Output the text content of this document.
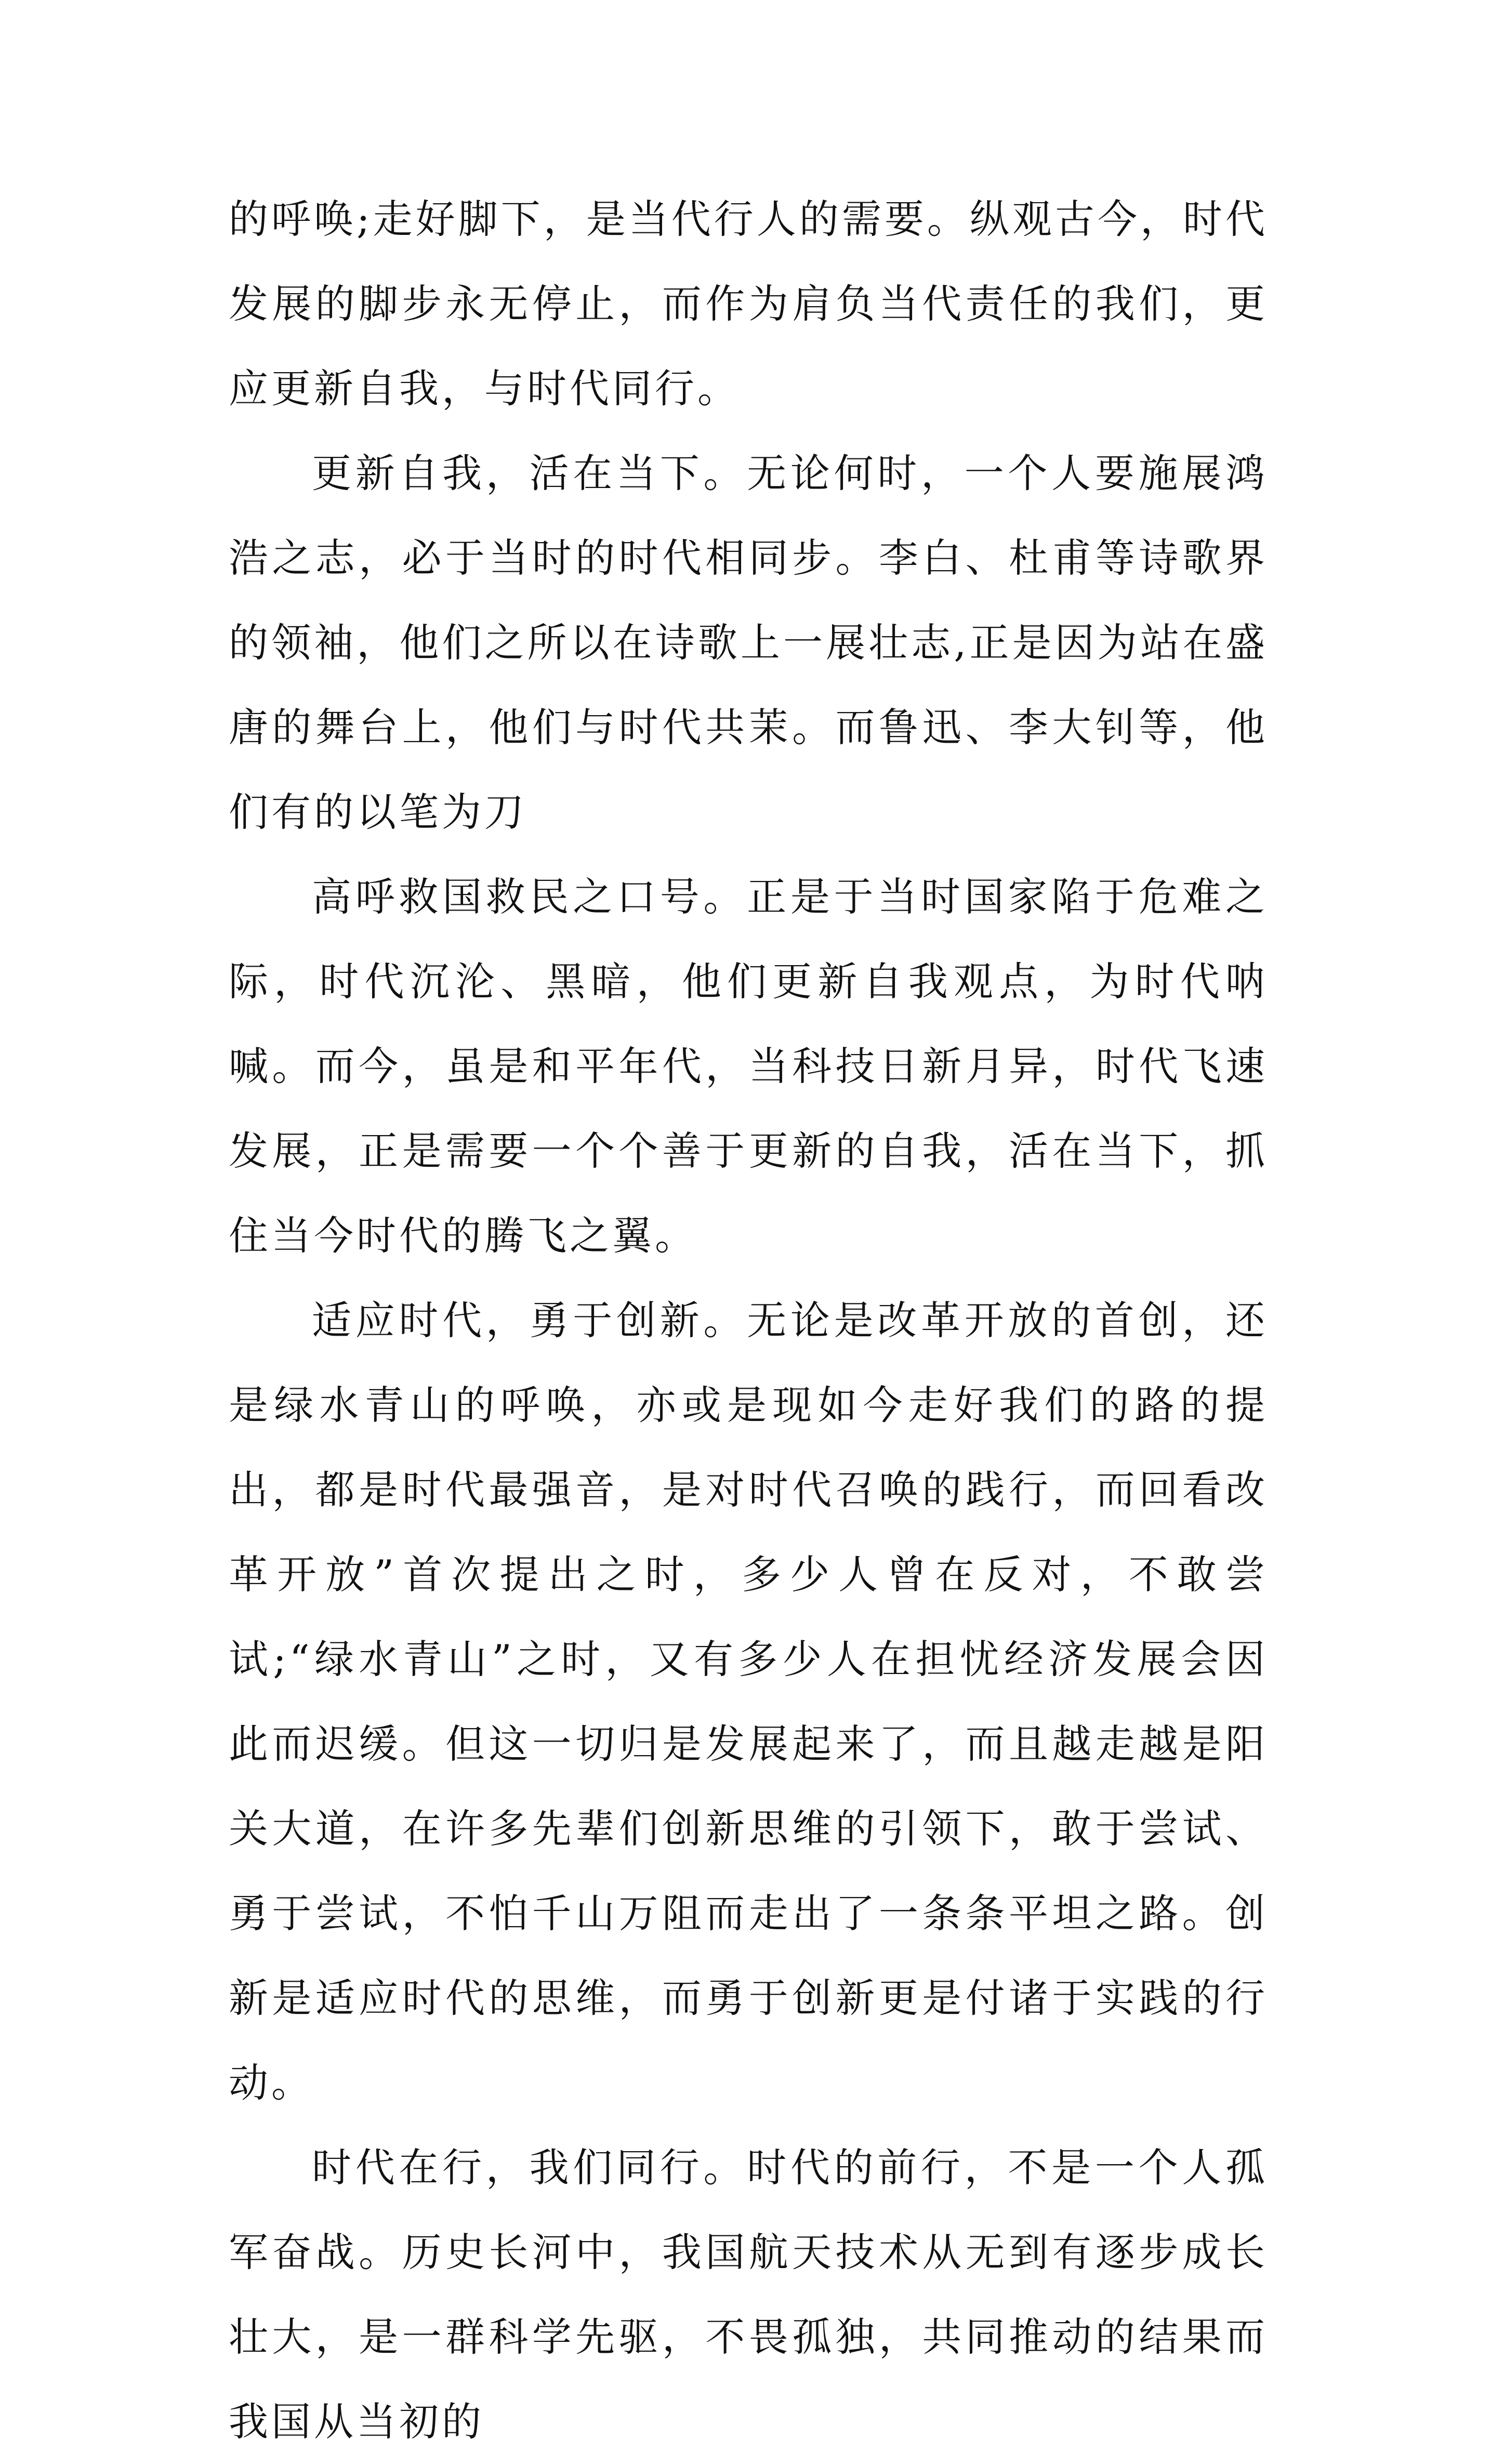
的呼唤;走好脚下，是当代行人的需要。纵观古今，时代发展的脚步永无停止，而作为肩负当代责任的我们，更应更新自我，与时代同行。

更新自我，活在当下。无论何时，一个人要施展鸿浩之志，必于当时的时代相同步。李白、杜甫等诗歌界的领袖，他们之所以在诗歌上一展壮志,正是因为站在盛唐的舞台上，他们与时代共茉。而鲁迅、李大钊等，他们有的以笔为刀

高呼救国救民之口号。正是于当时国家陷于危难之际，时代沉沦、黑暗，他们更新自我观点，为时代呐喊。而今，虽是和平年代，当科技日新月异，时代飞速发展，正是需要一个个善于更新的自我，活在当下，抓住当今时代的腾飞之翼。

适应时代，勇于创新。无论是改革开放的首创，还是绿水青山的呼唤，亦或是现如今走好我们的路的提出，都是时代最强音，是对时代召唤的践行，而回看改革开放”首次提出之时，多少人曾在反对，不敢尝试;“绿水青山”之时，又有多少人在担忧经济发展会因此而迟缓。但这一切归是发展起来了，而且越走越是阳关大道，在许多先辈们创新思维的引领下，敢于尝试、勇于尝试，不怕千山万阻而走出了一条条平坦之路。创新是适应时代的思维，而勇于创新更是付诸于实践的行动。

时代在行，我们同行。时代的前行，不是一个人孤军奋战。历史长河中，我国航天技术从无到有逐步成长壮大，是一群科学先驱，不畏孤独，共同推动的结果而我国从当初的
